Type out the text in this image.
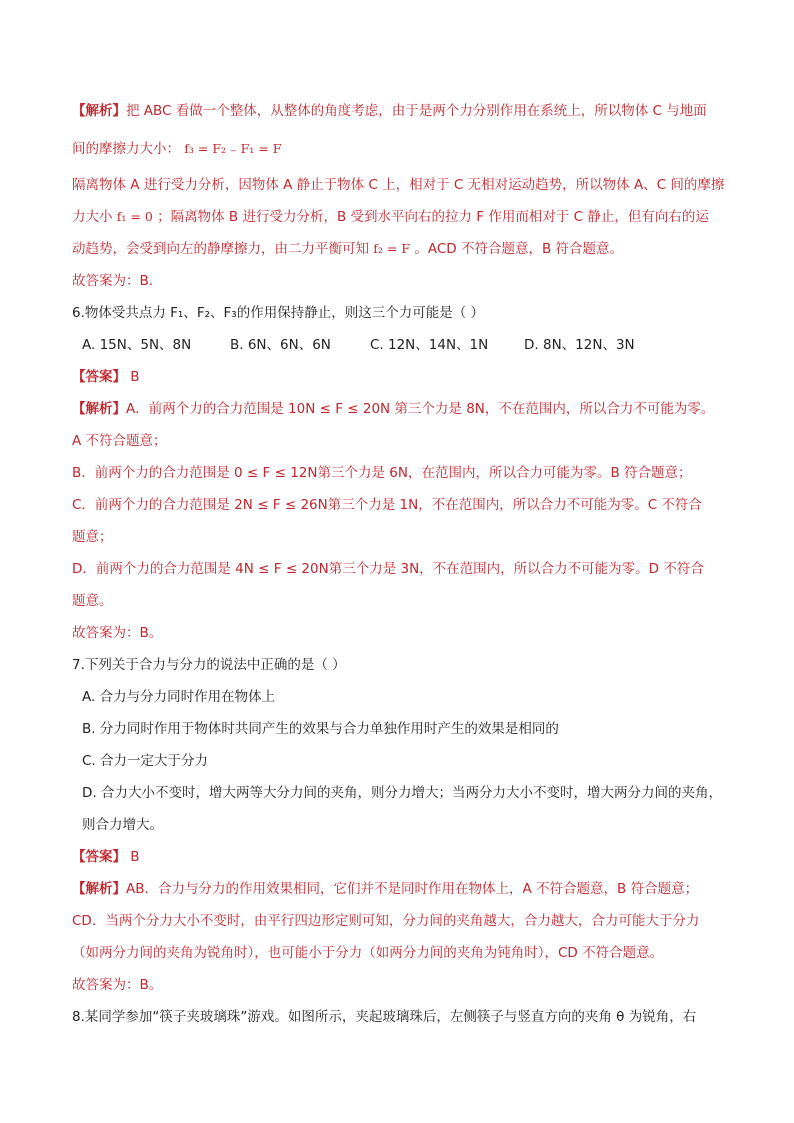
【解析】把 ABC 看做一个整体，从整体的角度考虑，由于是两个力分别作用在系统上，所以物体 C 与地面
间的摩擦力大小： f₃ = F₂ ₋ F₁ = F
隔离物体 A 进行受力分析，因物体 A 静止于物体 C 上，相对于 C 无相对运动趋势，所以物体 A、C 间的摩擦
力大小 f₁ = 0 ；隔离物体 B 进行受力分析，B 受到水平向右的拉力 F 作用而相对于 C 静止，但有向右的运
动趋势，会受到向左的静摩擦力，由二力平衡可知 f₂ = F 。ACD 不符合题意，B 符合题意。
故答案为：B.
6.物体受共点力 F₁、F₂、F₃的作用保持静止，则这三个力可能是（ ）
A. 15N、5N、8N	B. 6N、6N、6N	C. 12N、14N、1N	D. 8N、12N、3N
【答案】 B
【解析】A．前两个力的合力范围是 10N ≤ F ≤ 20N 第三个力是 8N，不在范围内，所以合力不可能为零。
A 不符合题意；
B．前两个力的合力范围是 0 ≤ F ≤ 12N第三个力是 6N，在范围内，所以合力可能为零。B 符合题意；
C．前两个力的合力范围是 2N ≤ F ≤ 26N第三个力是 1N，不在范围内，所以合力不可能为零。C 不符合
题意；
D．前两个力的合力范围是 4N ≤ F ≤ 20N第三个力是 3N，不在范围内，所以合力不可能为零。D 不符合
题意。
故答案为：B。
7.下列关于合力与分力的说法中正确的是（ ）
A. 合力与分力同时作用在物体上
B. 分力同时作用于物体时共同产生的效果与合力单独作用时产生的效果是相同的
C. 合力一定大于分力
D. 合力大小不变时，增大两等大分力间的夹角，则分力增大；当两分力大小不变时，增大两分力间的夹角，
则合力增大。
【答案】 B
【解析】AB．合力与分力的作用效果相同，它们并不是同时作用在物体上，A 不符合题意，B 符合题意；
CD．当两个分力大小不变时，由平行四边形定则可知，分力间的夹角越大，合力越大，合力可能大于分力
（如两分力间的夹角为锐角时），也可能小于分力（如两分力间的夹角为钝角时），CD 不符合题意。
故答案为：B。
8.某同学参加“筷子夹玻璃珠”游戏。如图所示，夹起玻璃珠后，左侧筷子与竖直方向的夹角 θ 为锐角，右
